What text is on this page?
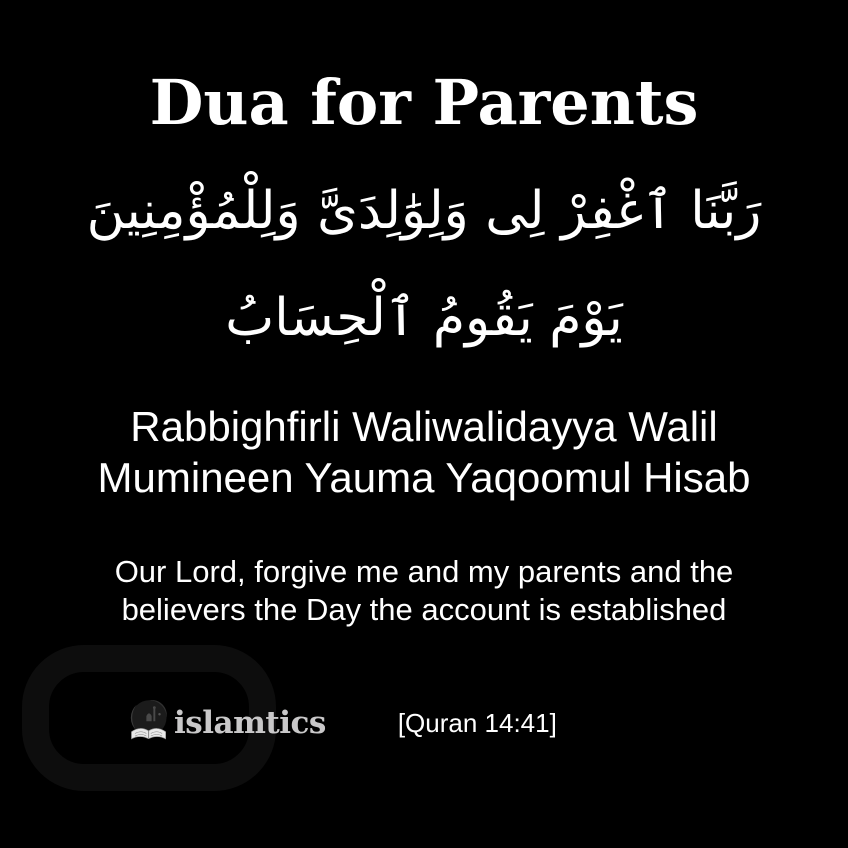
Dua for Parents
رَبَّنَا ٱغْفِرْ لِى وَلِوَٰلِدَىَّ وَلِلْمُؤْمِنِينَ
يَوْمَ يَقُومُ ٱلْحِسَابُ
Rabbighfirli Waliwalidayya Walil
Mumineen Yauma Yaqoomul Hisab
Our Lord, forgive me and my parents and the
believers the Day the account is established
islamtics	[Quran 14:41]
